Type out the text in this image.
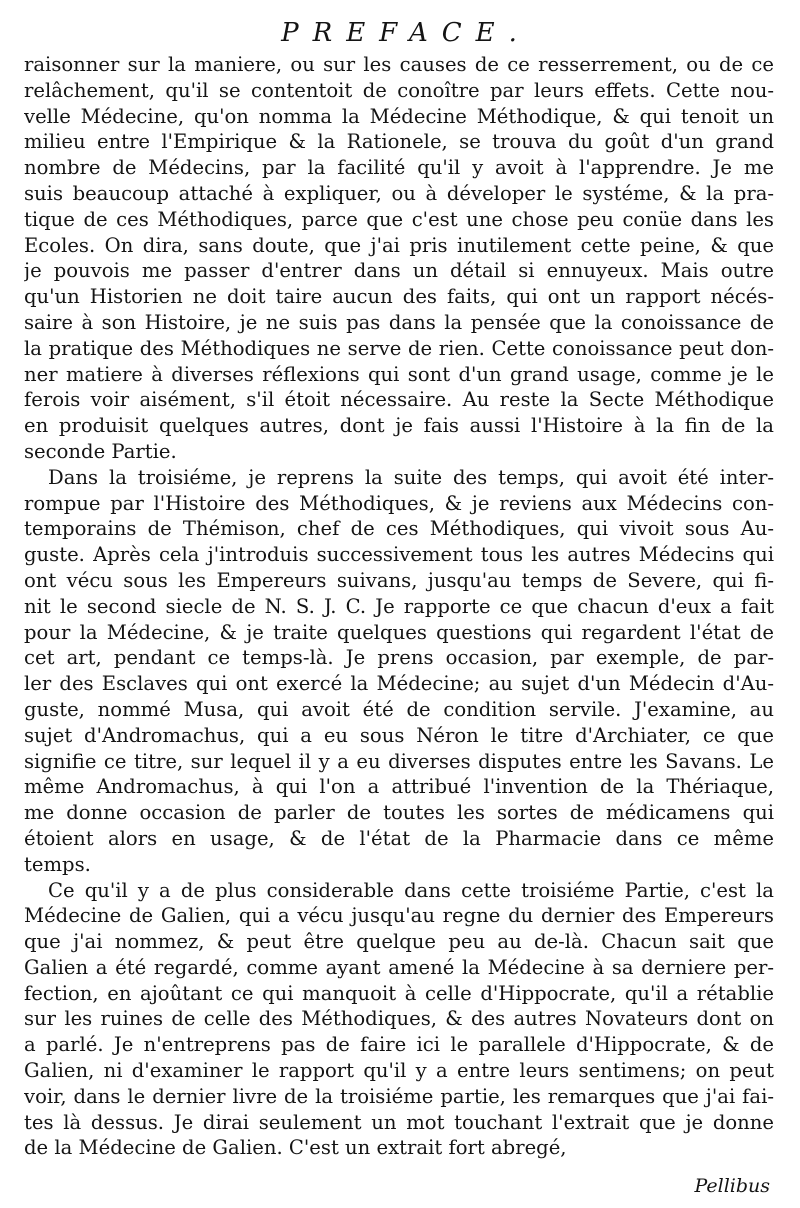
PREFACE.
raisonner sur la maniere, ou sur les causes de ce resserrement, ou de ce
relâchement, qu'il se contentoit de conoître par leurs effets. Cette nou-
velle Médecine, qu'on nomma la Médecine Méthodique, & qui tenoit un
milieu entre l'Empirique & la Rationele, se trouva du goût d'un grand
nombre de Médecins, par la facilité qu'il y avoit à l'apprendre. Je me
suis beaucoup attaché à expliquer, ou à déveloper le systéme, & la pra-
tique de ces Méthodiques, parce que c'est une chose peu conüe dans les
Ecoles. On dira, sans doute, que j'ai pris inutilement cette peine, & que
je pouvois me passer d'entrer dans un détail si ennuyeux. Mais outre
qu'un Historien ne doit taire aucun des faits, qui ont un rapport nécés-
saire à son Histoire, je ne suis pas dans la pensée que la conoissance de
la pratique des Méthodiques ne serve de rien. Cette conoissance peut don-
ner matiere à diverses réflexions qui sont d'un grand usage, comme je le
ferois voir aisément, s'il étoit nécessaire. Au reste la Secte Méthodique
en produisit quelques autres, dont je fais aussi l'Histoire à la fin de la
seconde Partie.
Dans la troisiéme, je reprens la suite des temps, qui avoit été inter-
rompue par l'Histoire des Méthodiques, & je reviens aux Médecins con-
temporains de Thémison, chef de ces Méthodiques, qui vivoit sous Au-
guste. Après cela j'introduis successivement tous les autres Médecins qui
ont vécu sous les Empereurs suivans, jusqu'au temps de Severe, qui fi-
nit le second siecle de N. S. J. C. Je rapporte ce que chacun d'eux a fait
pour la Médecine, & je traite quelques questions qui regardent l'état de
cet art, pendant ce temps-là. Je prens occasion, par exemple, de par-
ler des Esclaves qui ont exercé la Médecine; au sujet d'un Médecin d'Au-
guste, nommé Musa, qui avoit été de condition servile. J'examine, au
sujet d'Andromachus, qui a eu sous Néron le titre d'Archiater, ce que
signifie ce titre, sur lequel il y a eu diverses disputes entre les Savans. Le
même Andromachus, à qui l'on a attribué l'invention de la Thériaque,
me donne occasion de parler de toutes les sortes de médicamens qui
étoient alors en usage, & de l'état de la Pharmacie dans ce même
temps.
Ce qu'il y a de plus considerable dans cette troisiéme Partie, c'est la
Médecine de Galien, qui a vécu jusqu'au regne du dernier des Empereurs
que j'ai nommez, & peut être quelque peu au de-là. Chacun sait que
Galien a été regardé, comme ayant amené la Médecine à sa derniere per-
fection, en ajoûtant ce qui manquoit à celle d'Hippocrate, qu'il a rétablie
sur les ruines de celle des Méthodiques, & des autres Novateurs dont on
a parlé. Je n'entreprens pas de faire ici le parallele d'Hippocrate, & de
Galien, ni d'examiner le rapport qu'il y a entre leurs sentimens; on peut
voir, dans le dernier livre de la troisiéme partie, les remarques que j'ai fai-
tes là dessus. Je dirai seulement un mot touchant l'extrait que je donne
de la Médecine de Galien. C'est un extrait fort abregé,
Pellibus
